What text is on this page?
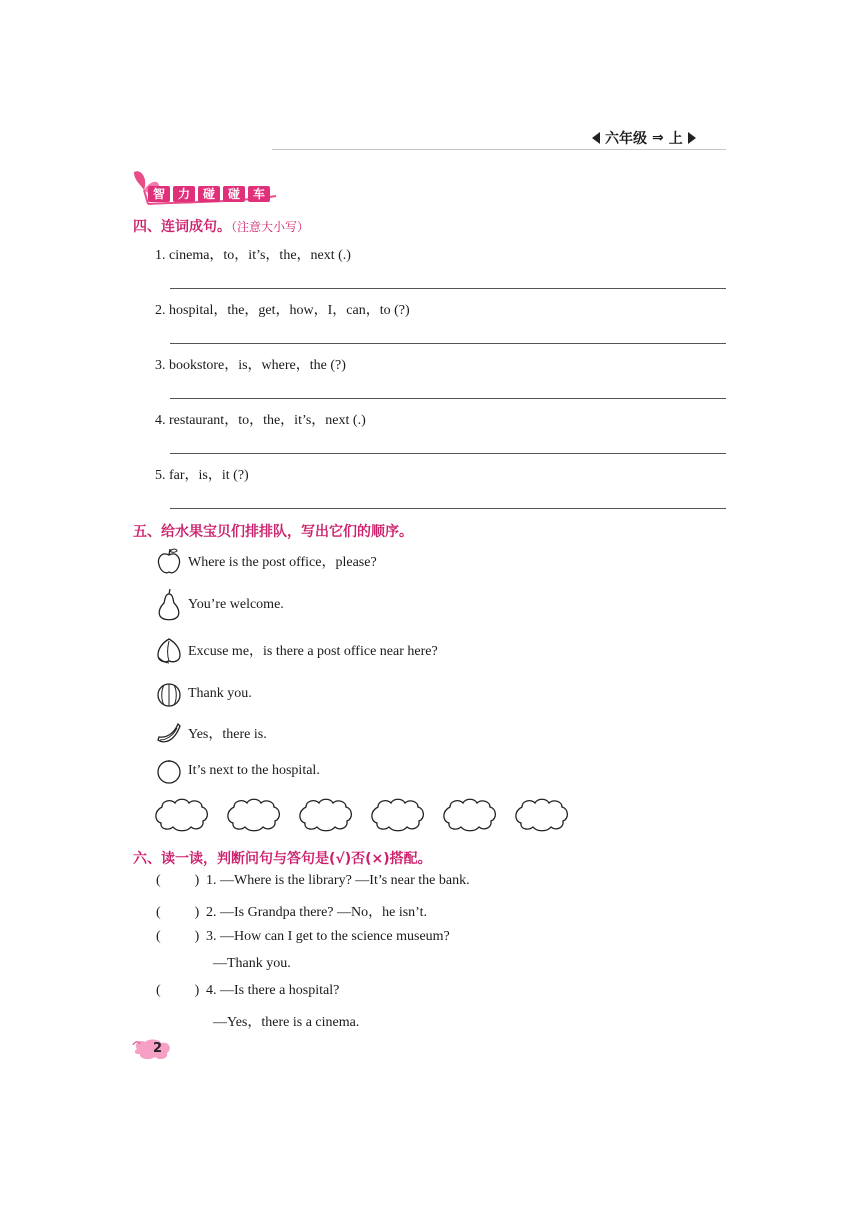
六年级 ⇒ 上
智	力	碰	碰	车
四、连词成句。（注意大小写）
1. cinema，to，it’s，the，next (.)
2. hospital，the，get，how，I，can，to (?)
3. bookstore，is，where，the (?)
4. restaurant，to，the，it’s，next (.)
5. far，is，it (?)
五、给水果宝贝们排排队，写出它们的顺序。
Where is the post office，please?
You’re welcome.
Excuse me，is there a post office near here?
Thank you.
Yes，there is.
It’s next to the hospital.
六、读一读，判断问句与答句是(√)否(×)搭配。
( ) 1. —Where is the library? —It’s near the bank.
( ) 2. —Is Grandpa there? —No，he isn’t.
( ) 3. —How can I get to the science museum?
—Thank you.
( ) 4. —Is there a hospital?
—Yes，there is a cinema.
2
